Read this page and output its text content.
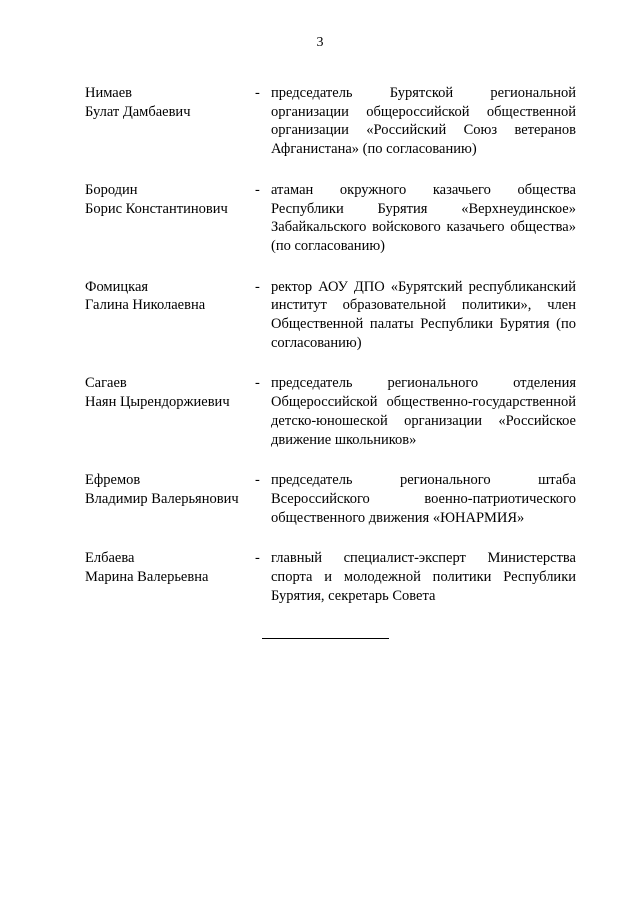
3
Нимаев
Булат Дамбаевич
- председатель Бурятской региональной организации общероссийской общественной организации «Российский Союз ветеранов Афганистана» (по согласованию)
Бородин
Борис Константинович
- атаман окружного казачьего общества Республики Бурятия «Верхнеудинское» Забайкальского войскового казачьего общества» (по согласованию)
Фомицкая
Галина Николаевна
- ректор АОУ ДПО «Бурятский республиканский институт образовательной политики», член Общественной палаты Республики Бурятия (по согласованию)
Сагаев
Наян Цырендоржиевич
- председатель регионального отделения Общероссийской общественно-государственной детско-юношеской организации «Российское движение школьников»
Ефремов
Владимир Валерьянович
- председатель регионального штаба Всероссийского военно-патриотического общественного движения «ЮНАРМИЯ»
Елбаева
Марина Валерьевна
- главный специалист-эксперт Министерства спорта и молодежной политики Республики Бурятия, секретарь Совета
